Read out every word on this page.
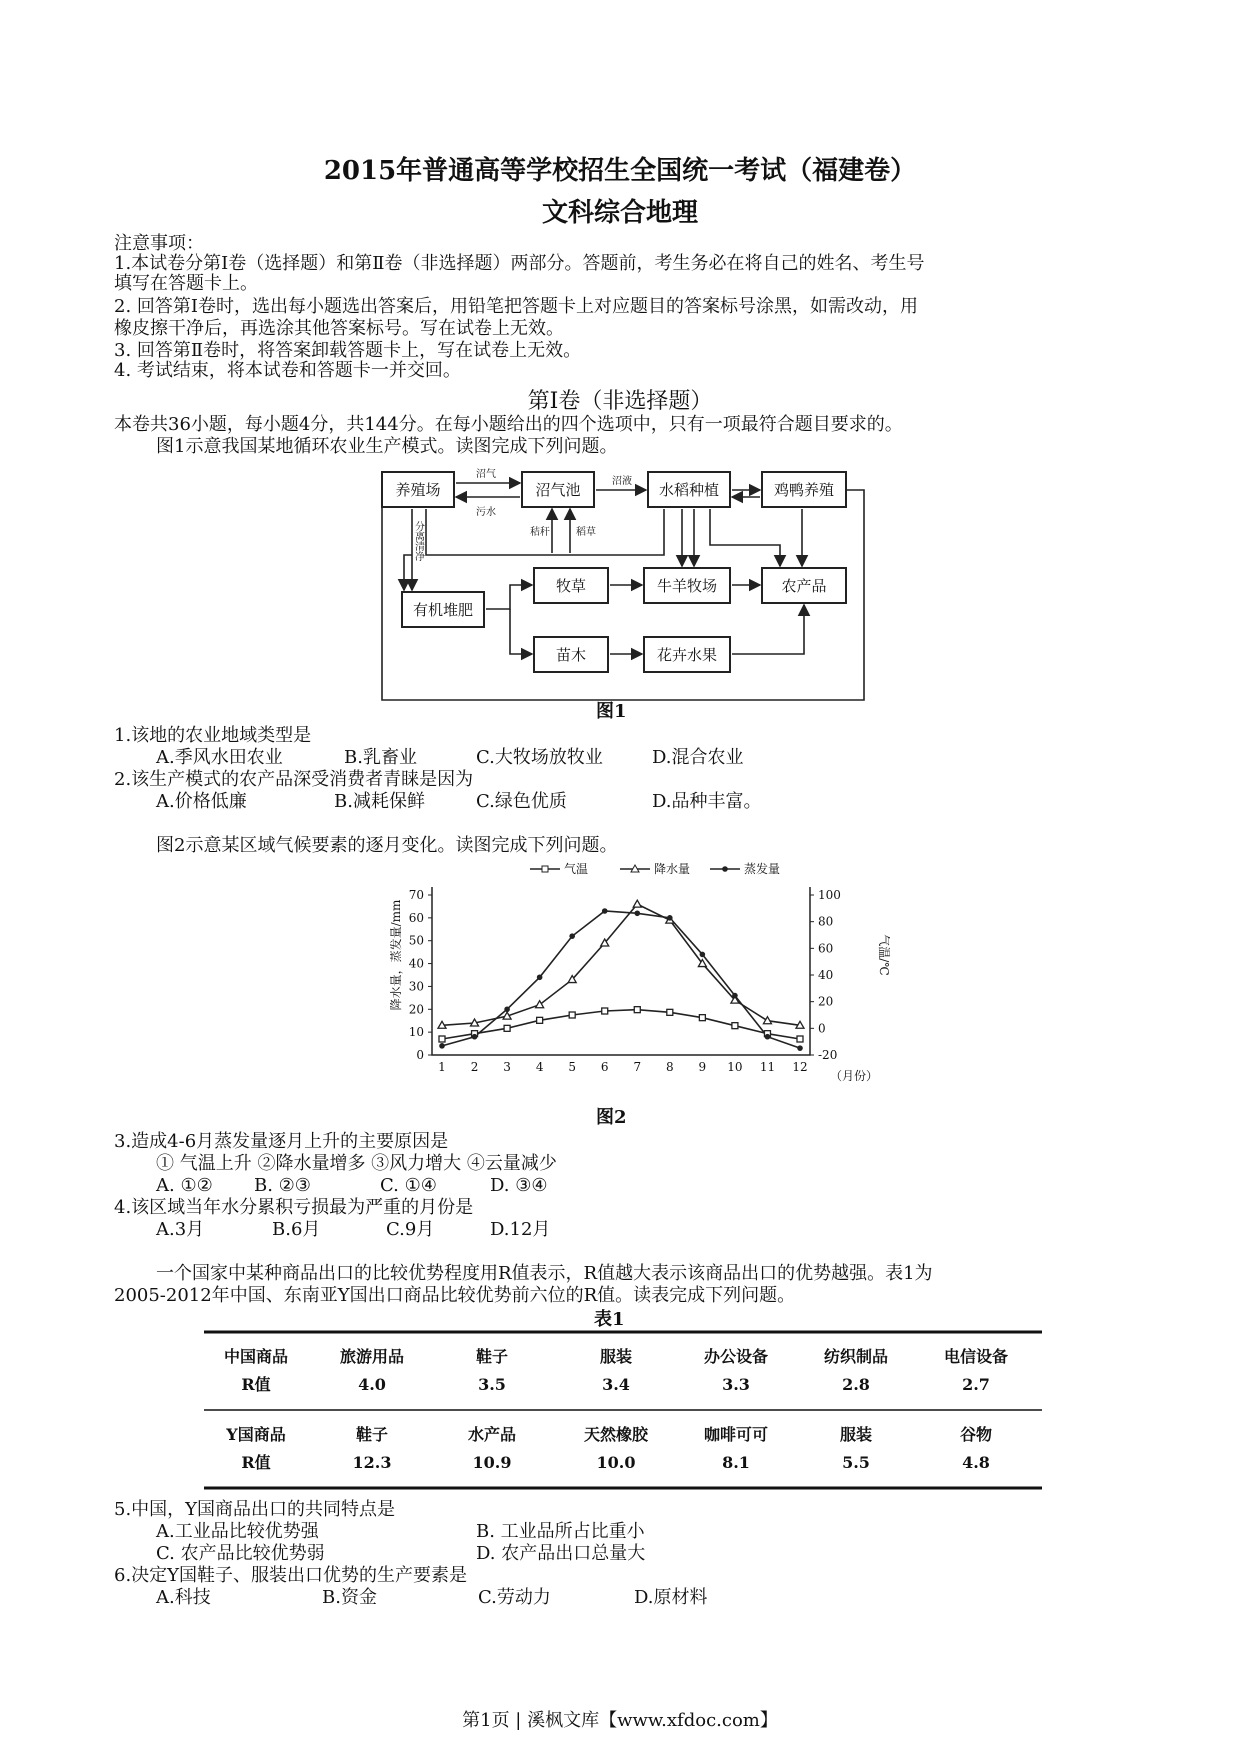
2015年普通高等学校招生全国统一考试（福建卷）
文科综合地理
注意事项：
1.本试卷分第Ⅰ卷（选择题）和第Ⅱ卷（非选择题）两部分。答题前，考生务必在将自己的姓名、考生号
填写在答题卡上。
2. 回答第Ⅰ卷时，选出每小题选出答案后，用铅笔把答题卡上对应题目的答案标号涂黑，如需改动，用
橡皮擦干净后，再选涂其他答案标号。写在试卷上无效。
3. 回答第Ⅱ卷时，将答案卸载答题卡上，写在试卷上无效。
4. 考试结束，将本试卷和答题卡一并交回。
第Ⅰ卷（非选择题）
本卷共36小题，每小题4分，共144分。在每小题给出的四个选项中，只有一项最符合题目要求的。
图1示意我国某地循环农业生产模式。读图完成下列问题。
养殖场	沼气池	水稻种植	鸡鸭养殖
有机堆肥
牧草	牛羊牧场	农产品
苗木	花卉水果
沼气
污水
沼液
秸秆	稻草
分离清净
图1
1.该地的农业地域类型是
A.季风水田农业	B.乳畜业	C.大牧场放牧业	D.混合农业
2.该生产模式的农产品深受消费者青睐是因为
A.价格低廉	B.减耗保鲜	C.绿色优质	D.品种丰富。
图2示意某区域气候要素的逐月变化。读图完成下列问题。
0
10
20
30
40
50
60
70
-20
0
20
40
60
80
100
1 2 3 4 5 6 7 8 9 10 11 12
降水量，蒸发量/mm	气温/℃
（月份）
气温	降水量	蒸发量
图2
3.造成4-6月蒸发量逐月上升的主要原因是
① 气温上升 ②降水量增多 ③风力增大 ④云量减少
A. ①② B. ②③	C. ①④	D. ③④
4.该区域当年水分累积亏损最为严重的月份是
A.3月	B.6月	C.9月	D.12月
一个国家中某种商品出口的比较优势程度用R值表示，R值越大表示该商品出口的优势越强。表1为
2005-2012年中国、东南亚Y国出口商品比较优势前六位的R值。读表完成下列问题。
表1
中国商品	旅游用品	鞋子	服装	办公设备	纺织制品	电信设备
R值	4.0	3.5	3.4	3.3	2.8	2.7
Y国商品	鞋子	水产品	天然橡胶	咖啡可可	服装	谷物
R值	12.3	10.9	10.0	8.1	5.5	4.8
5.中国，Y国商品出口的共同特点是
A.工业品比较优势强	B. 工业品所占比重小
C. 农产品比较优势弱	D. 农产品出口总量大
6.决定Y国鞋子、服装出口优势的生产要素是
A.科技	B.资金	C.劳动力	D.原材料
第1页 | 溪枫文库【www.xfdoc.com】
